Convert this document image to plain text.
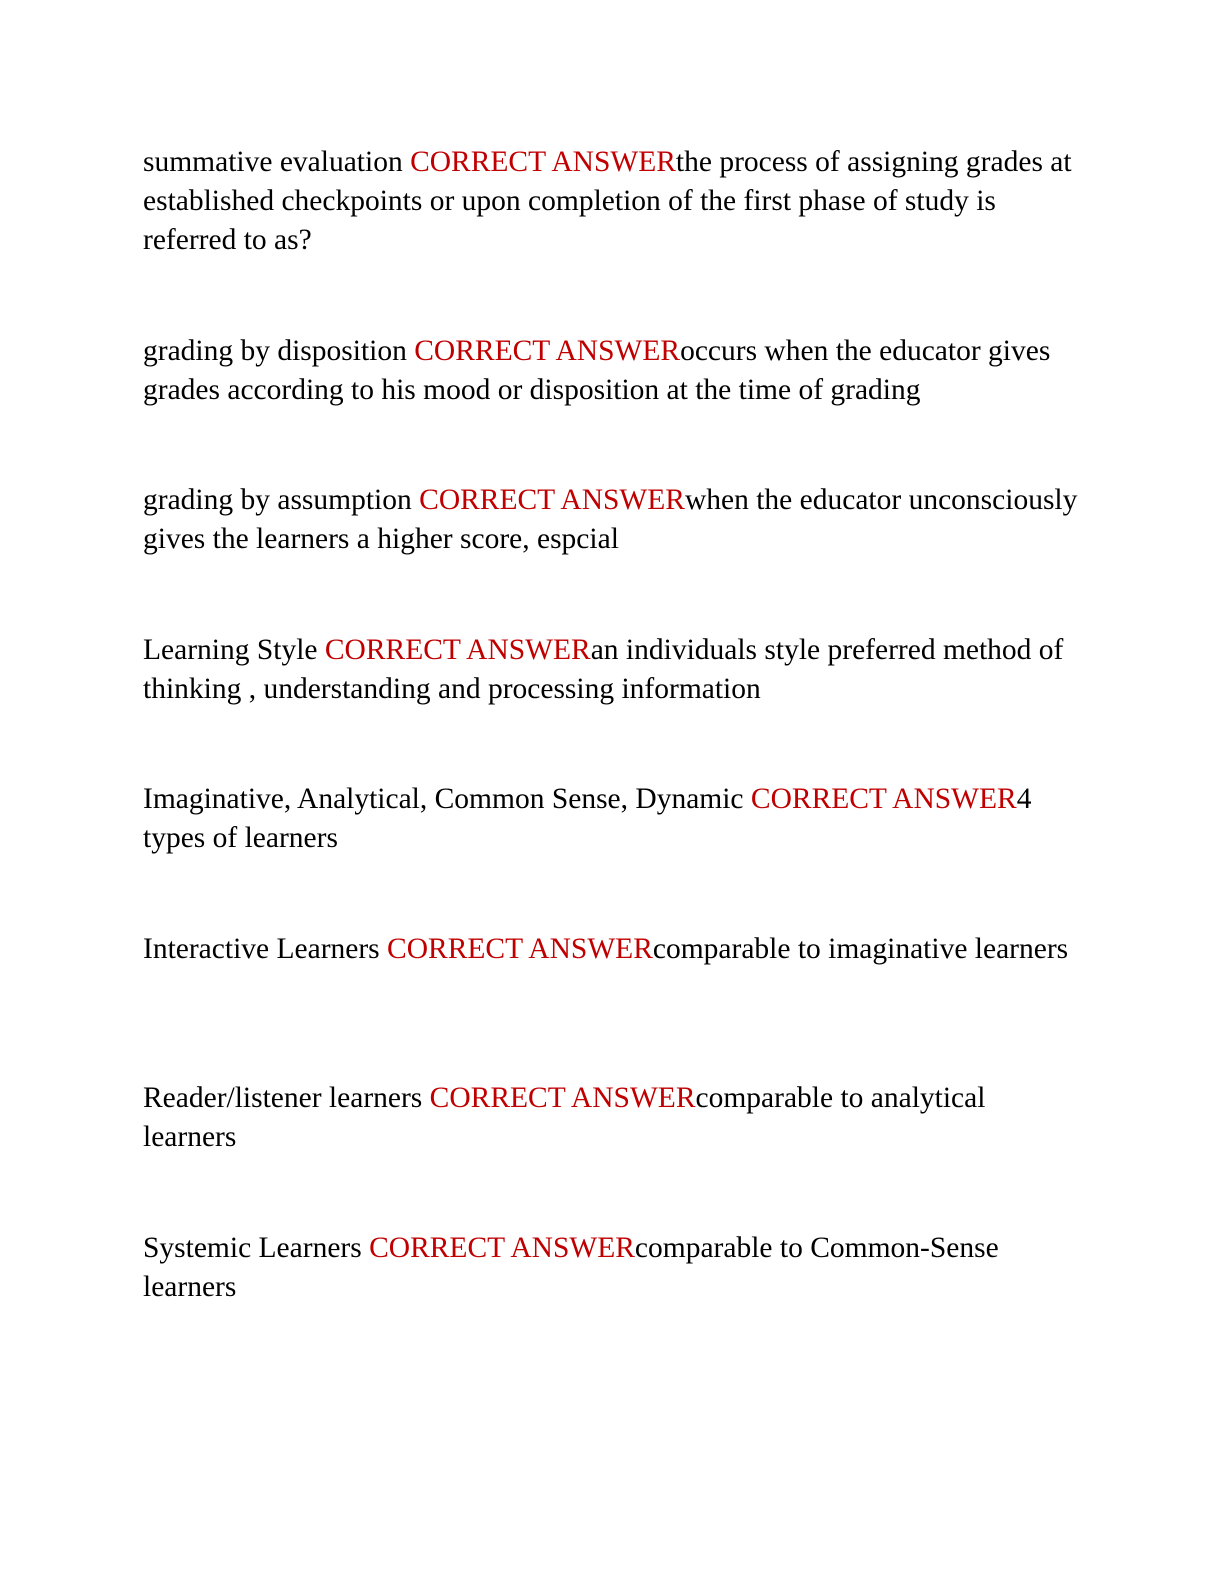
summative evaluation CORRECT ANSWERthe process of assigning grades at established checkpoints or upon completion of the first phase of study is referred to as?

grading by disposition CORRECT ANSWERoccurs when the educator gives grades according to his mood or disposition at the time of grading

grading by assumption CORRECT ANSWERwhen the educator unconsciously gives the learners a higher score, espcial

Learning Style CORRECT ANSWERan individuals style preferred method of thinking , understanding and processing information

Imaginative, Analytical, Common Sense, Dynamic CORRECT ANSWER4 types of learners

Interactive Learners CORRECT ANSWERcomparable to imaginative learners

Reader/listener learners CORRECT ANSWERcomparable to analytical learners

Systemic Learners CORRECT ANSWERcomparable to Common-Sense learners
